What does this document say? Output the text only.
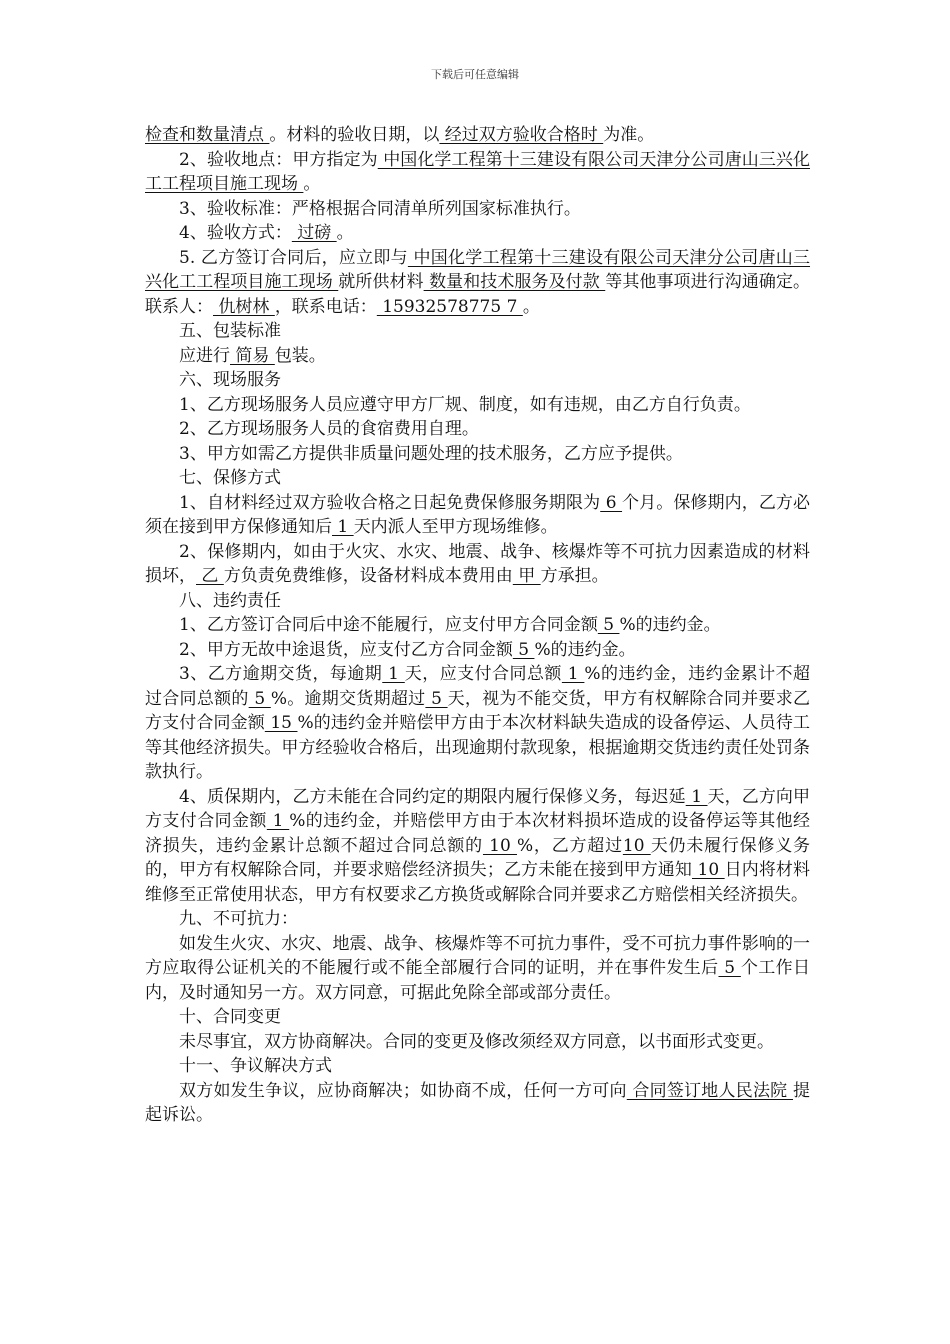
下载后可任意编辑

检查和数量清点 。材料的验收日期，以 经过双方验收合格时 为准。

2、验收地点：甲方指定为 中国化学工程第十三建设有限公司天津分公司唐山三兴化工工程项目施工现场 。

3、验收标准：严格根据合同清单所列国家标准执行。

4、验收方式： 过磅 。

5. 乙方签订合同后，应立即与 中国化学工程第十三建设有限公司天津分公司唐山三兴化工工程项目施工现场 就所供材料 数量和技术服务及付款 等其他事项进行沟通确定。联系人： 仇树林 ，联系电话： 15932578775 7 。

五、包装标准

应进行 简易 包装。

六、现场服务

1、乙方现场服务人员应遵守甲方厂规、制度，如有违规，由乙方自行负责。

2、乙方现场服务人员的食宿费用自理。

3、甲方如需乙方提供非质量问题处理的技术服务，乙方应予提供。

七、保修方式

1、自材料经过双方验收合格之日起免费保修服务期限为 6 个月。保修期内，乙方必须在接到甲方保修通知后 1 天内派人至甲方现场维修。

2、保修期内，如由于火灾、水灾、地震、战争、核爆炸等不可抗力因素造成的材料损坏， 乙 方负责免费维修，设备材料成本费用由 甲 方承担。

八、违约责任

1、乙方签订合同后中途不能履行，应支付甲方合同金额 5 %的违约金。

2、甲方无故中途退货，应支付乙方合同金额 5 %的违约金。

3、乙方逾期交货，每逾期 1 天，应支付合同总额 1 %的违约金，违约金累计不超过合同总额的 5 %。逾期交货期超过 5 天，视为不能交货，甲方有权解除合同并要求乙方支付合同金额 15 %的违约金并赔偿甲方由于本次材料缺失造成的设备停运、人员待工等其他经济损失。甲方经验收合格后，出现逾期付款现象，根据逾期交货违约责任处罚条款执行。

4、质保期内，乙方未能在合同约定的期限内履行保修义务，每迟延 1 天，乙方向甲方支付合同金额 1 %的违约金，并赔偿甲方由于本次材料损坏造成的设备停运等其他经济损失，违约金累计总额不超过合同总额的 10 %，乙方超过10 天仍未履行保修义务的，甲方有权解除合同，并要求赔偿经济损失；乙方未能在接到甲方通知 10 日内将材料维修至正常使用状态，甲方有权要求乙方换货或解除合同并要求乙方赔偿相关经济损失。

九、不可抗力：

如发生火灾、水灾、地震、战争、核爆炸等不可抗力事件，受不可抗力事件影响的一方应取得公证机关的不能履行或不能全部履行合同的证明，并在事件发生后 5 个工作日内，及时通知另一方。双方同意，可据此免除全部或部分责任。

十、合同变更

未尽事宜，双方协商解决。合同的变更及修改须经双方同意，以书面形式变更。

十一、争议解决方式

双方如发生争议，应协商解决；如协商不成，任何一方可向 合同签订地人民法院 提起诉讼。
